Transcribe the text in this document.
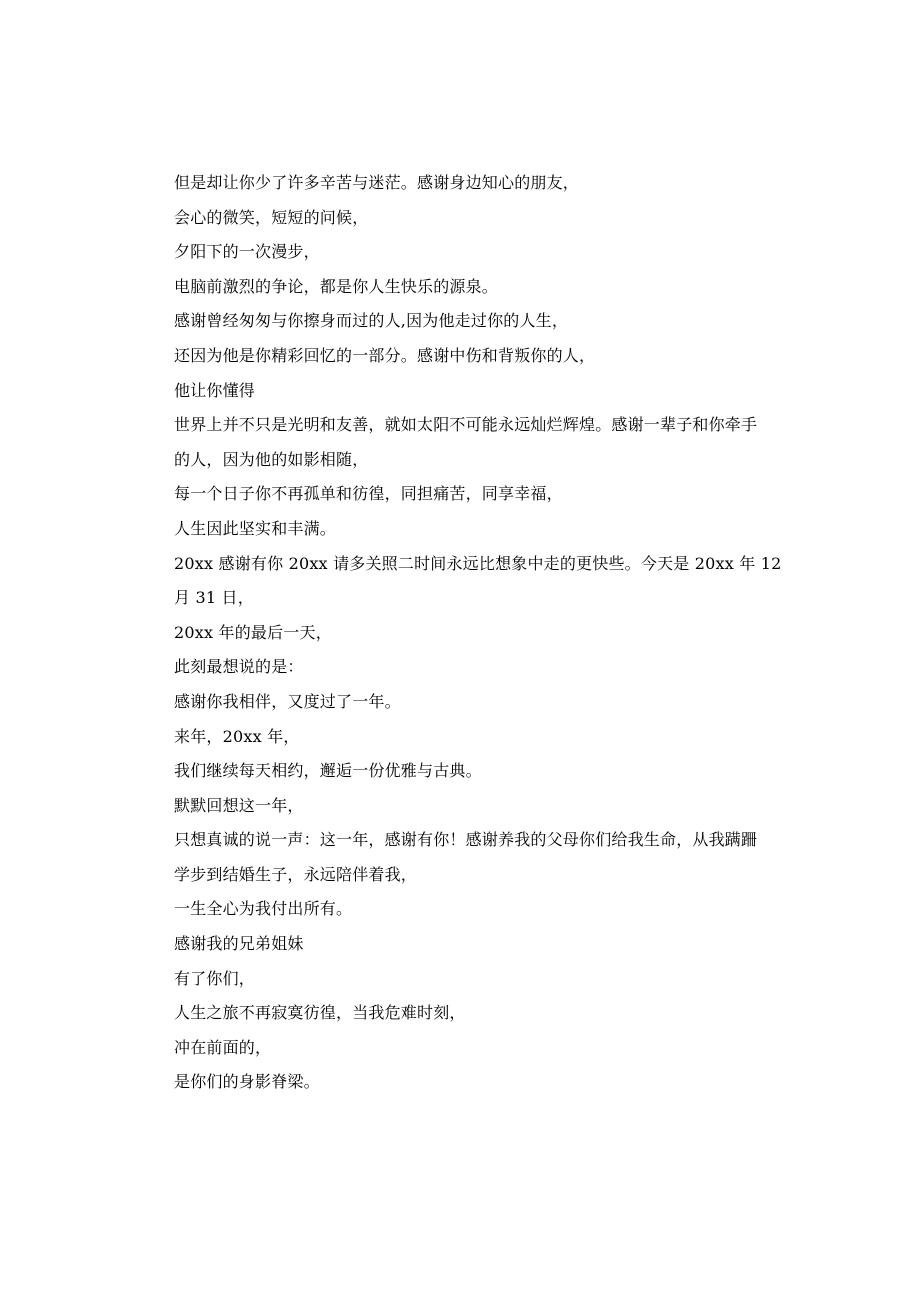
但是却让你少了许多辛苦与迷茫。感谢身边知心的朋友，
会心的微笑，短短的问候，
夕阳下的一次漫步，
电脑前激烈的争论，都是你人生快乐的源泉。
感谢曾经匆匆与你擦身而过的人,因为他走过你的人生，
还因为他是你精彩回忆的一部分。感谢中伤和背叛你的人，
他让你懂得
世界上并不只是光明和友善，就如太阳不可能永远灿烂辉煌。感谢一辈子和你牵手
的人，因为他的如影相随，
每一个日子你不再孤单和彷徨，同担痛苦，同享幸福，
人生因此坚实和丰满。
20xx 感谢有你 20xx 请多关照二时间永远比想象中走的更快些。今天是 20xx 年 12
月 31 日，
20xx 年的最后一天，
此刻最想说的是：
感谢你我相伴，又度过了一年。
来年，20xx 年，
我们继续每天相约，邂逅一份优雅与古典。
默默回想这一年，
只想真诚的说一声：这一年，感谢有你！感谢养我的父母你们给我生命，从我蹒跚
学步到结婚生子，永远陪伴着我，
一生全心为我付出所有。
感谢我的兄弟姐妹
有了你们，
人生之旅不再寂寞彷徨，当我危难时刻，
冲在前面的，
是你们的身影脊梁。
